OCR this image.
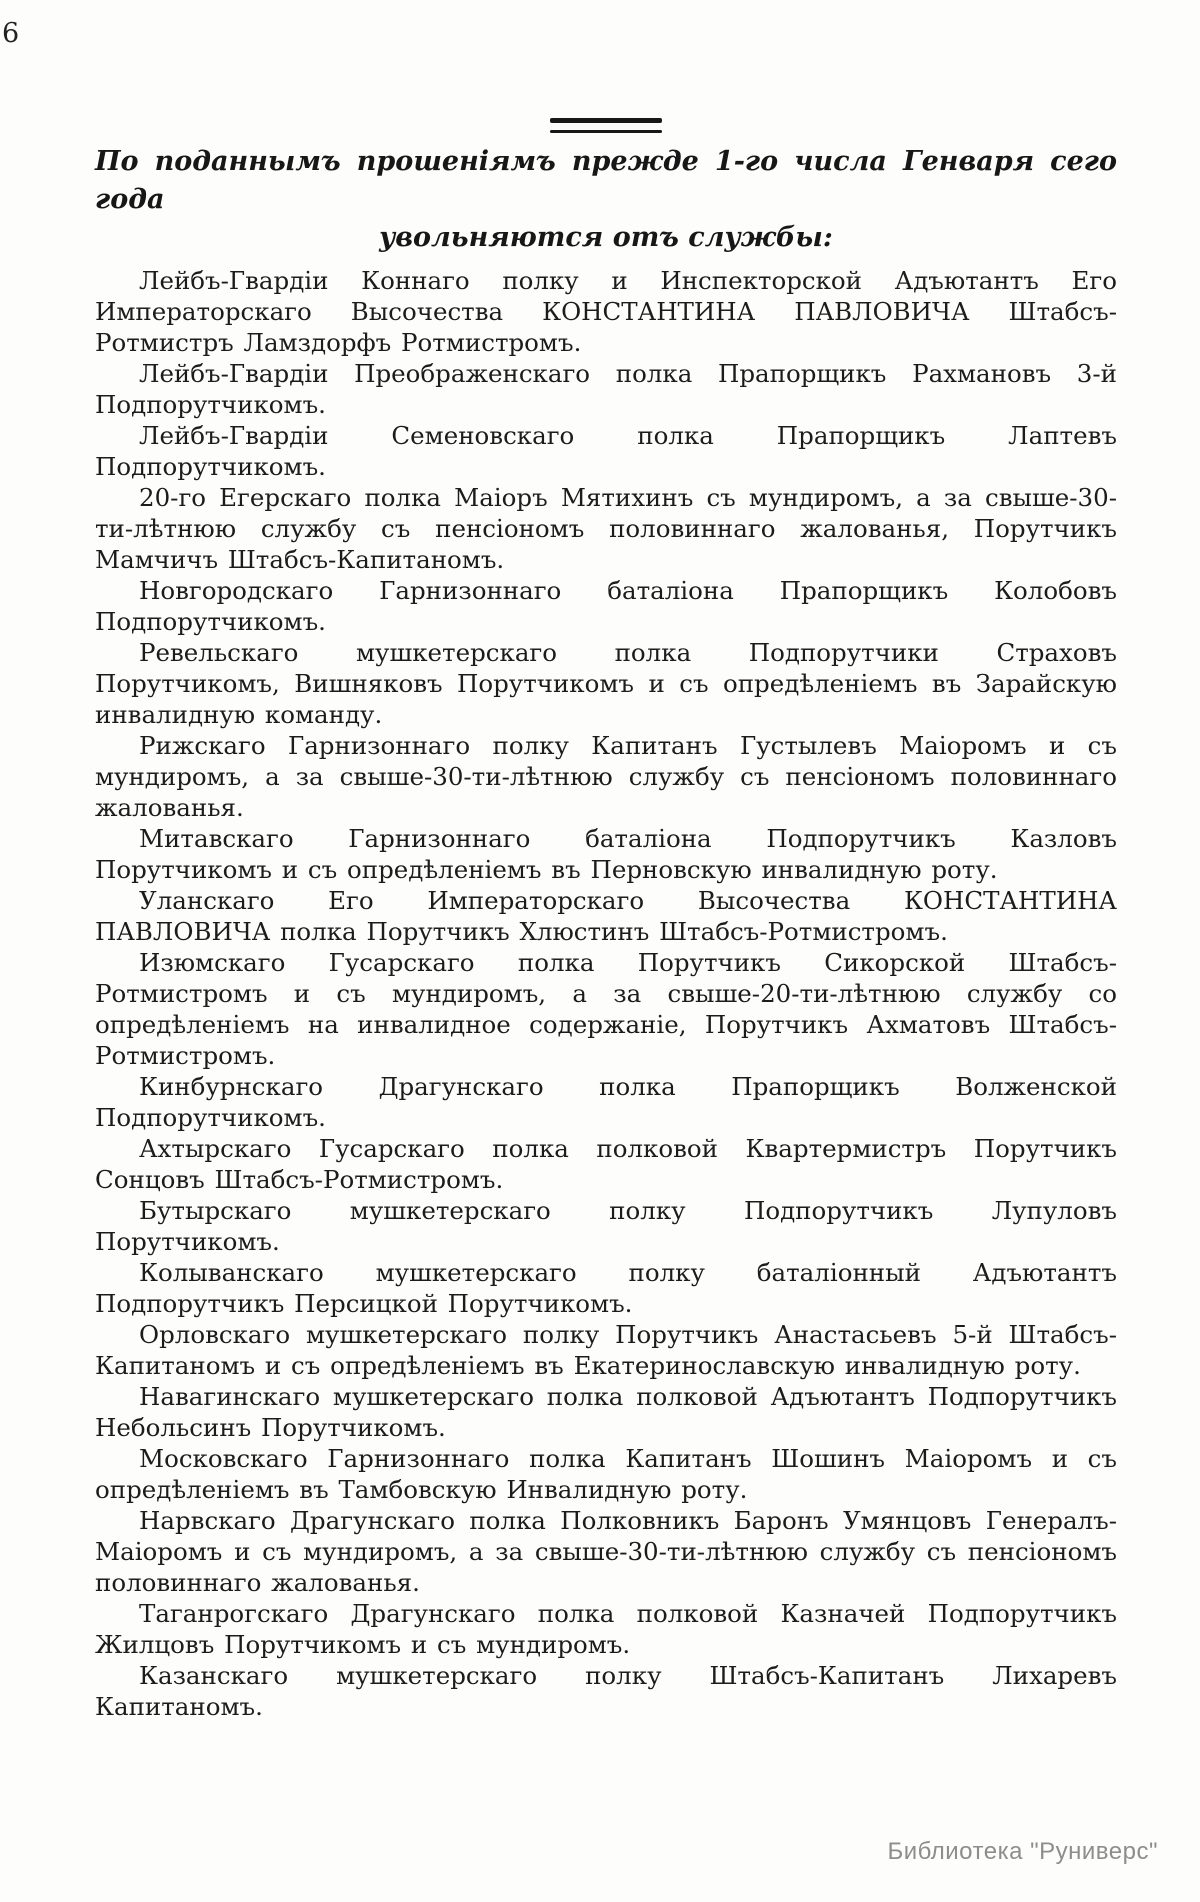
6
По поданнымъ прошеніямъ прежде 1-го числа Генваря сего года
увольняются отъ службы:

Лейбъ-Гвардіи Коннаго полку и Инспекторской Адъютантъ Его Императорскаго Высочества КОНСТАНТИНА ПАВЛОВИЧА Штабсъ-Ротмистръ Ламздорфъ Ротмистромъ.

Лейбъ-Гвардіи Преображенскаго полка Прапорщикъ Рахмановъ 3-й Подпорутчикомъ.

Лейбъ-Гвардіи Семеновскаго полка Прапорщикъ Лаптевъ Подпорутчикомъ.

20-го Егерскаго полка Маіоръ Мятихинъ съ мундиромъ, а за свыше-30-ти-лѣтнюю службу съ пенсіономъ половиннаго жалованья, Порутчикъ Мамчичъ Штабсъ-Капитаномъ.

Новгородскаго Гарнизоннаго баталіона Прапорщикъ Колобовъ Подпорутчикомъ.

Ревельскаго мушкетерскаго полка Подпорутчики Страховъ Порутчикомъ, Вишняковъ Порутчикомъ и съ опредѣленіемъ въ Зарайскую инвалидную команду.

Рижскаго Гарнизоннаго полку Капитанъ Густылевъ Маіоромъ и съ мундиромъ, а за свыше-30-ти-лѣтнюю службу съ пенсіономъ половиннаго жалованья.

Митавскаго Гарнизоннаго баталіона Подпорутчикъ Казловъ Порутчикомъ и съ опредѣленіемъ въ Перновскую инвалидную роту.

Уланскаго Его Императорскаго Высочества КОНСТАНТИНА ПАВЛОВИЧА полка Порутчикъ Хлюстинъ Штабсъ-Ротмистромъ.

Изюмскаго Гусарскаго полка Порутчикъ Сикорской Штабсъ-Ротмистромъ и съ мундиромъ, а за свыше-20-ти-лѣтнюю службу со опредѣленіемъ на инвалидное содержаніе, Порутчикъ Ахматовъ Штабсъ-Ротмистромъ.

Кинбурнскаго Драгунскаго полка Прапорщикъ Волженской Подпорутчикомъ.

Ахтырскаго Гусарскаго полка полковой Квартермистръ Порутчикъ Сонцовъ Штабсъ-Ротмистромъ.

Бутырскаго мушкетерскаго полку Подпорутчикъ Лупуловъ Порутчикомъ.

Колыванскаго мушкетерскаго полку баталіонный Адъютантъ Подпорутчикъ Персицкой Порутчикомъ.

Орловскаго мушкетерскаго полку Порутчикъ Анастасьевъ 5-й Штабсъ-Капитаномъ и съ опредѣленіемъ въ Екатеринославскую инвалидную роту.

Навагинскаго мушкетерскаго полка полковой Адъютантъ Подпорутчикъ Небольсинъ Порутчикомъ.

Московскаго Гарнизоннаго полка Капитанъ Шошинъ Маіоромъ и съ опредѣленіемъ въ Тамбовскую Инвалидную роту.

Нарвскаго Драгунскаго полка Полковникъ Баронъ Умянцовъ Генералъ-Маіоромъ и съ мундиромъ, а за свыше-30-ти-лѣтнюю службу съ пенсіономъ половиннаго жалованья.

Таганрогскаго Драгунскаго полка полковой Казначей Подпорутчикъ Жилцовъ Порутчикомъ и съ мундиромъ.

Казанскаго мушкетерскаго полку Штабсъ-Капитанъ Лихаревъ Капитаномъ.

Библиотека "Руниверс"
